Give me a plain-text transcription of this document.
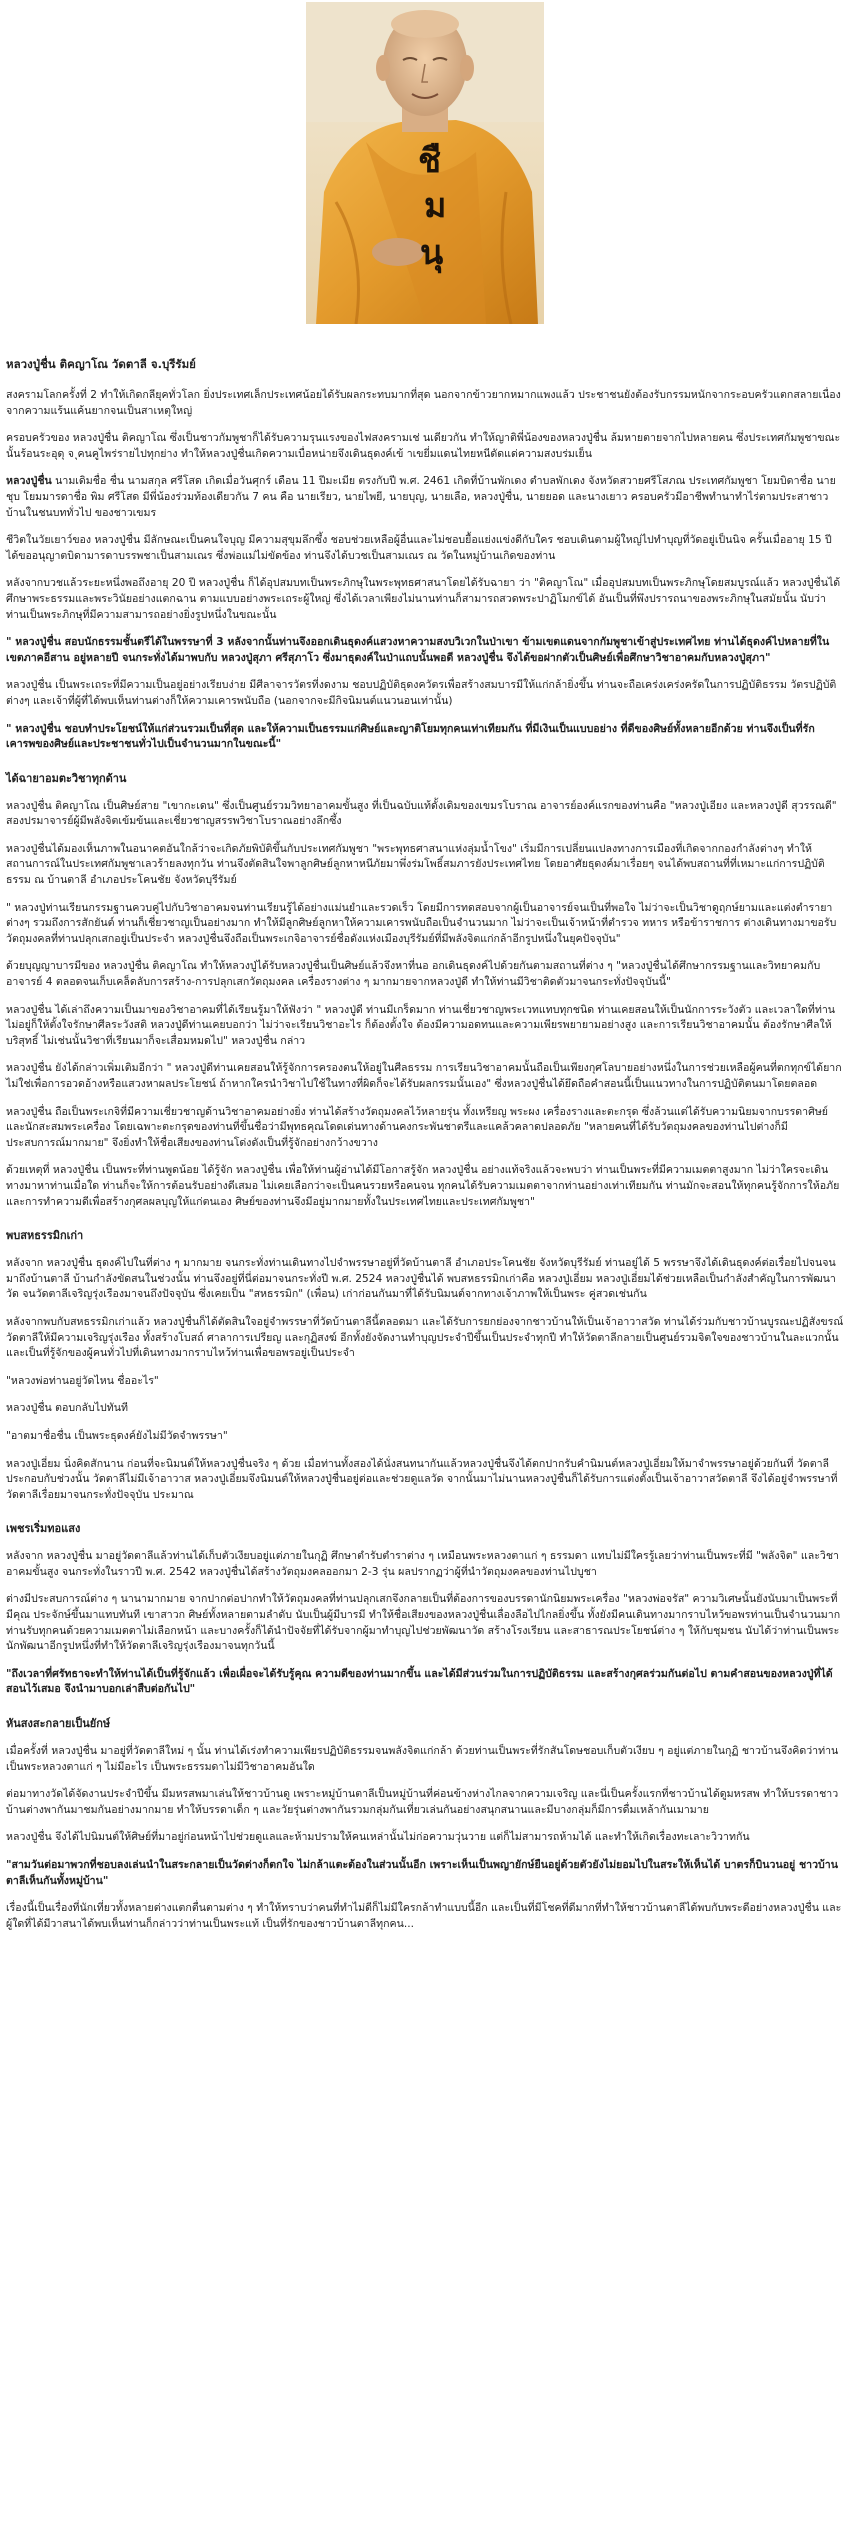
ชื
ม
นุ
หลวงปู่ชื่น ติคญาโณ วัดตาลี จ.บุรีรัมย์

สงครามโลกครั้งที่ 2 ทำให้เกิดกลียุคทั่วโลก ยิ่งประเทศเล็กประเทศน้อยได้รับผลกระทบมากที่สุด นอกจากข้าวยากหมากแพงแล้ว ประชาชนยังต้องรับกรรมหนักจากระอบครัวแตกสลายเนื่อง จากความแร้นแค้นยากจนเป็นสาเหตุใหญ่

ครอบครัวของ หลวงปู่ชื่น ติคญาโณ ซึ่งเป็นชาวกัมพูชาก็ได้รับความรุนแรงของไฟสงครามเช่ นเดียวกัน ทำให้ญาติพี่น้องของหลวงปู่ชื่น ล้มหายตายจากไปหลายคน ซึ่งประเทศกัมพูชาขณะนั้นร้อนระอุดุ จ ุคนคูไพร่รายไปทุกย่าง ทำให้หลวงปู่ชื่นเกิดความเบื่อหน่ายจึงเดินธุดงค์เข้ าเขยี่มแดนไทยหนีดัดแด่ความสงบร่มเย็น

หลวงปู่ชื่น นามเดิมชื่อ ชื่น นามสกุล ศรีโสด เกิดเมื่อวันศุกร์ เดือน 11 ปีมะเมีย ตรงกับปี พ.ศ. 2461 เกิดที่บ้านพักเดง ตำบลพักเดง จังหวัดสวายศรีโสภณ ประเทศกัมพูชา โยมบิดาชื่อ นายชุบ โยมมารดาชื่อ พิม ศรีโสด มีพี่น้องร่วมท้องเดียวกัน 7 คน คือ นายเรียว, นายไพยี, นายบุญ, นายเลือ, หลวงปู่ชื่น, นายยอด และนางเยาว ครอบครัวมีอาชีพทำนาทำไร่ตามประสาชาวบ้านในชนบททั่วไป ของชาวเขมร

ชีวิตในวัยเยาว์ของ หลวงปู่ชื่น มีลักษณะเป็นคนใจบุญ มีความสุขุมลึกซึ้ง ชอบช่วยเหลือผู้อื่นและไม่ชอบยื้อแย่งแข่งดีกับใคร ชอบเดินตามผู้ใหญ่ไปทำบุญที่วัดอยู่เป็นนิจ ครั้นเมื่ออายุ 15 ปี ได้ขออนุญาตบิดามารดาบรรพชาเป็นสามเณร ซึ่งพ่อแม่ไม่ขัดข้อง ท่านจึงได้บวชเป็นสามเณร ณ วัดในหมู่บ้านเกิดของท่าน

หลังจากบวชแล้วระยะหนึ่งพอถึงอายุ 20 ปี หลวงปู่ชื่น ก็ได้อุปสมบทเป็นพระภิกษุในพระพุทธศาสนาโดยได้รับฉายา ว่า "ติคญาโณ" เมื่ออุปสมบทเป็นพระภิกษุโดยสมบูรณ์แล้ว หลวงปู่ชื่นได้ศึกษาพระธรรมและพระวินัยอย่างแตกฉาน ตามแบบอย่างพระเถระผู้ใหญ่ ซึ่งได้เวลาเพียงไม่นานท่านก็สามารถสวดพระปาฏิโมกข์ได้ อันเป็นที่พึงปรารถนาของพระภิกษุในสมัยนั้น นับว่าท่านเป็นพระภิกษุที่มีความสามารถอย่างยิ่งรูปหนึ่งในขณะนั้น

" หลวงปู่ชื่น สอบนักธรรมชั้นตรีได้ในพรรษาที่ 3 หลังจากนั้นท่านจึงออกเดินธุดงค์แสวงหาความสงบวิเวกในป่าเขา ข้ามเขตแดนจากกัมพูชาเข้าสู่ประเทศไทย ท่านได้ธุดงค์ไปหลายที่ในเขตภาคอีสาน อยู่หลายปี จนกระทั่งได้มาพบกับ หลวงปู่สุภา ศรีสุภาโว ซึ่งมาธุดงค์ในป่าแถบนั้นพอดี หลวงปู่ชื่น จึงได้ขอฝากตัวเป็นศิษย์เพื่อศึกษาวิชาอาคมกับหลวงปู่สุภา"

หลวงปู่ชื่น เป็นพระเถระที่มีความเป็นอยู่อย่างเรียบง่าย มีศีลาจารวัตรที่งดงาม ชอบปฏิบัติธุดงควัตรเพื่อสร้างสมบารมีให้แก่กล้ายิ่งขึ้น ท่านจะถือเคร่งเคร่งครัดในการปฏิบัติธรรม วัตรปฏิบัติต่างๆ และเจ้าที่ผู้ที่ได้พบเห็นท่านต่างก็ให้ความเคารพนับถือ (นอกจากจะมีกิจนิมนต์แนวนอนเท่านั้น)

" หลวงปู่ชื่น ชอบทำประโยชน์ให้แก่ส่วนรวมเป็นที่สุด และให้ความเป็นธรรมแก่ศิษย์และญาติโยมทุกคนเท่าเทียมกัน ที่มีเงินเป็นแบบอย่าง ที่ดีของศิษย์ทั้งหลายอีกด้วย ท่านจึงเป็นที่รักเคารพของศิษย์และประชาชนทั่วไปเป็นจำนวนมากในขณะนี้"
ได้ฉายาอมตะวิชาทุกด้าน

หลวงปู่ชื่น ติคญาโณ เป็นศิษย์สาย "เขากะเดน" ซึ่งเป็นศูนย์รวมวิทยาอาคมขั้นสูง ที่เป็นฉบับแท้ดั้งเดิมของเขมรโบราณ อาจารย์องค์แรกของท่านคือ "หลวงปู่เอียง และหลวงปู่ดี สุวรรณดี" สองปรมาจารย์ผู้มีพลังจิตเข้มข้นและเชี่ยวชาญสรรพวิชาโบราณอย่างลึกซึ้ง

หลวงปู่ชื่นได้มองเห็นภาพในอนาคตอันใกล้ว่าจะเกิดภัยพิบัติขึ้นกับประเทศกัมพูชา "พระพุทธศาสนาแห่งลุ่มน้ำโขง" เริ่มมีการเปลี่ยนแปลงทางการเมืองที่เกิดจากกองกำลังต่างๆ ทำให้สถานการณ์ในประเทศกัมพูชาเลวร้ายลงทุกวัน ท่านจึงตัดสินใจพาลูกศิษย์ลูกหาหนีภัยมาพึ่งร่มโพธิ์สมภารยังประเทศไทย โดยอาศัยธุดงค์มาเรื่อยๆ จนได้พบสถานที่ที่เหมาะแก่การปฏิบัติธรรม ณ บ้านตาลี อำเภอประโคนชัย จังหวัดบุรีรัมย์

" หลวงปู่ท่านเรียนกรรมฐานควบคู่ไปกับวิชาอาคมจนท่านเรียนรู้ได้อย่างแม่นยำและรวดเร็ว โดยมีการทดสอบจากผู้เป็นอาจารย์จนเป็นที่พอใจ ไม่ว่าจะเป็นวิชาดูฤกษ์ยามและแต่งตำรายาต่างๆ รวมถึงการสักยันต์ ท่านก็เชี่ยวชาญเป็นอย่างมาก ทำให้มีลูกศิษย์ลูกหาให้ความเคารพนับถือเป็นจำนวนมาก ไม่ว่าจะเป็นเจ้าหน้าที่ตำรวจ ทหาร หรือข้าราชการ ต่างเดินทางมาขอรับวัตถุมงคลที่ท่านปลุกเสกอยู่เป็นประจำ หลวงปู่ชื่นจึงถือเป็นพระเกจิอาจารย์ชื่อดังแห่งเมืองบุรีรัมย์ที่มีพลังจิตแก่กล้าอีกรูปหนึ่งในยุคปัจจุบัน"

ด้วยบุญญาบารมีของ หลวงปู่ชื่น ติคญาโณ ทำให้หลวงปู่ได้รับหลวงปู่ชื่นเป็นศิษย์แล้วจึงหาที่นอ อกเดินธุดงค์ไปด้วยกันตามสถานที่ต่าง ๆ "หลวงปู่ชื่นได้ศึกษากรรมฐานและวิทยาคมกับอาจารย์ 4 ตลอดจนเก็บเคล็ดลับการสร้าง-การปลุกเสกวัตถุมงคล เครื่องรางต่าง ๆ มากมายจากหลวงปู่ดี ทำให้ท่านมีวิชาติดตัวมาจนกระทั่งปัจจุบันนี้"

หลวงปู่ชื่น ได้เล่าถึงความเป็นมาของวิชาอาคมที่ได้เรียนรู้มาให้ฟังว่า " หลวงปู่ดี ท่านมีเกร็ดมาก ท่านเชี่ยวชาญพระเวทแทบทุกชนิด ท่านเคยสอนให้เป็นนักการระวังตัว และเวลาใดที่ท่านไม่อยู่ก็ให้ตั้งใจรักษาศีลระวังสติ หลวงปู่ดีท่านเคยบอกว่า ไม่ว่าจะเรียนวิชาอะไร ก็ต้องตั้งใจ ต้องมีความอดทนและความเพียรพยายามอย่างสูง และการเรียนวิชาอาคมนั้น ต้องรักษาศีลให้บริสุทธิ์ ไม่เช่นนั้นวิชาที่เรียนมาก็จะเสื่อมหมดไป" หลวงปู่ชื่น กล่าว

หลวงปู่ชื่น ยังได้กล่าวเพิ่มเติมอีกว่า " หลวงปู่ดีท่านเคยสอนให้รู้จักการครองตนให้อยู่ในศีลธรรม การเรียนวิชาอาคมนั้นถือเป็นเพียงกุศโลบายอย่างหนึ่งในการช่วยเหลือผู้คนที่ตกทุกข์ได้ยาก ไม่ใช่เพื่อการอวดอ้างหรือแสวงหาผลประโยชน์ ถ้าหากใครนำวิชาไปใช้ในทางที่ผิดก็จะได้รับผลกรรมนั้นเอง" ซึ่งหลวงปู่ชื่นได้ยึดถือคำสอนนี้เป็นแนวทางในการปฏิบัติตนมาโดยตลอด

หลวงปู่ชื่น ถือเป็นพระเกจิที่มีความเชี่ยวชาญด้านวิชาอาคมอย่างยิ่ง ท่านได้สร้างวัตถุมงคลไว้หลายรุ่น ทั้งเหรียญ พระผง เครื่องรางและตะกรุด ซึ่งล้วนแต่ได้รับความนิยมจากบรรดาศิษย์และนักสะสมพระเครื่อง โดยเฉพาะตะกรุดของท่านที่ขึ้นชื่อว่ามีพุทธคุณโดดเด่นทางด้านคงกระพันชาตรีและแคล้วคลาดปลอดภัย "หลายคนที่ได้รับวัตถุมงคลของท่านไปต่างก็มีประสบการณ์มากมาย" จึงยิ่งทำให้ชื่อเสียงของท่านโด่งดังเป็นที่รู้จักอย่างกว้างขวาง

ด้วยเหตุที่ หลวงปู่ชื่น เป็นพระที่ท่านพูดน้อย ได้รู้จัก หลวงปู่ชื่น เพื่อให้ท่านผู้อ่านได้มีโอกาสรู้จัก หลวงปู่ชื่น อย่างแท้จริงแล้วจะพบว่า ท่านเป็นพระที่มีความเมตตาสูงมาก ไม่ว่าใครจะเดินทางมาหาท่านเมื่อใด ท่านก็จะให้การต้อนรับอย่างดีเสมอ ไม่เคยเลือกว่าจะเป็นคนรวยหรือคนจน ทุกคนได้รับความเมตตาจากท่านอย่างเท่าเทียมกัน ท่านมักจะสอนให้ทุกคนรู้จักการให้อภัย และการทำความดีเพื่อสร้างกุศลผลบุญให้แก่ตนเอง ศิษย์ของท่านจึงมีอยู่มากมายทั้งในประเทศไทยและประเทศกัมพูชา"

พบสหธรรมิกเก่า

หลังจาก หลวงปู่ชื่น ธุดงค์ไปในที่ต่าง ๆ มากมาย จนกระทั่งท่านเดินทางไปจำพรรษาอยู่ที่วัดบ้านตาลี อำเภอประโคนชัย จังหวัดบุรีรัมย์ ท่านอยู่ได้ 5 พรรษาจึงได้เดินธุดงค์ต่อเรื่อยไปจนจนมาถึงบ้านตาลี บ้านกำลังขัดสนในช่วงนั้น ท่านจึงอยู่ที่นี่ต่อมาจนกระทั่งปี พ.ศ. 2524 หลวงปู่ชื่นได้ พบสหธรรมิกเก่าคือ หลวงปู่เอี่ยม หลวงปู่เอี่ยมได้ช่วยเหลือเป็นกำลังสำคัญในการพัฒนาวัด จนวัดตาลีเจริญรุ่งเรืองมาจนถึงปัจจุบัน ซึ่งเคยเป็น "สหธรรมิก" (เพื่อน) เก่าก่อนกันมาที่ได้รับนิมนต์จากทางเจ้าภาพให้เป็นพระ คู่สวดเช่นกัน

หลังจากพบกับสหธรรมิกเก่าแล้ว หลวงปู่ชื่นก็ได้ตัดสินใจอยู่จำพรรษาที่วัดบ้านตาลีนี้ตลอดมา และได้รับการยกย่องจากชาวบ้านให้เป็นเจ้าอาวาสวัด ท่านได้ร่วมกับชาวบ้านบูรณะปฏิสังขรณ์วัดตาลีให้มีความเจริญรุ่งเรือง ทั้งสร้างโบสถ์ ศาลาการเปรียญ และกุฏิสงฆ์ อีกทั้งยังจัดงานทำบุญประจำปีขึ้นเป็นประจำทุกปี ทำให้วัดตาลีกลายเป็นศูนย์รวมจิตใจของชาวบ้านในละแวกนั้น และเป็นที่รู้จักของผู้คนทั่วไปที่เดินทางมากราบไหว้ท่านเพื่อขอพรอยู่เป็นประจำ

"หลวงพ่อท่านอยู่วัดไหน ชื่ออะไร"

หลวงปู่ชื่น ตอบกลับไปทันที

"อาตมาชื่อชื่น เป็นพระธุดงค์ยังไม่มีวัดจำพรรษา"

หลวงปู่เอี่ยม นิ่งคิดสักนาน ก่อนที่จะนิมนต์ให้หลวงปู่ชื่นจริง ๆ ด้วย เมื่อท่านทั้งสองได้นั่งสนทนากันแล้วหลวงปู่ชื่นจึงได้ตกปากรับคำนิมนต์หลวงปู่เอี่ยมให้มาจำพรรษาอยู่ด้วยกันที่ วัดตาลี ประกอบกับช่วงนั้น วัดตาลีไม่มีเจ้าอาวาส หลวงปู่เอี่ยมจึงนิมนต์ให้หลวงปู่ชื่นอยู่ต่อและช่วยดูแลวัด จากนั้นมาไม่นานหลวงปู่ชื่นก็ได้รับการแต่งตั้งเป็นเจ้าอาวาสวัดตาลี จึงได้อยู่จำพรรษาที่วัดตาลีเรื่อยมาจนกระทั่งปัจจุบัน ประมาณ

เพชรเริ่มทอแสง

หลังจาก หลวงปู่ชื่น มาอยู่วัดตาลีแล้วท่านได้เก็บตัวเงียบอยู่แต่ภายในกุฏิ ศึกษาตำรับตำราต่าง ๆ เหมือนพระหลวงตาแก่ ๆ ธรรมดา แทบไม่มีใครรู้เลยว่าท่านเป็นพระที่มี "พลังจิต" และวิชาอาคมขั้นสูง จนกระทั่งในราวปี พ.ศ. 2542 หลวงปู่ชื่นได้สร้างวัตถุมงคลออกมา 2-3 รุ่น ผลปรากฏว่าผู้ที่นำวัตถุมงคลของท่านไปบูชา

ต่างมีประสบการณ์ต่าง ๆ นานามากมาย จากปากต่อปากทำให้วัตถุมงคลที่ท่านปลุกเสกจึงกลายเป็นที่ต้องการของบรรดานักนิยมพระเครื่อง "หลวงพ่อจรัส" ความวิเศษนั้นยังนับมาเป็นพระที่มีคุณ ประจักษ์ขึ้นมาแทบทันที เขาสาวก ศิษย์ทั้งหลายตามลำดับ นับเป็นผู้มีบารมี ทำให้ชื่อเสียงของหลวงปู่ชื่นเลื่องลือไปไกลยิ่งขึ้น ทั้งยังมีคนเดินทางมากราบไหว้ขอพรท่านเป็นจำนวนมาก ท่านรับทุกคนด้วยความเมตตาไม่เลือกหน้า และบางครั้งก็ได้นำปัจจัยที่ได้รับจากผู้มาทำบุญไปช่วยพัฒนาวัด สร้างโรงเรียน และสาธารณประโยชน์ต่าง ๆ ให้กับชุมชน นับได้ว่าท่านเป็นพระนักพัฒนาอีกรูปหนึ่งที่ทำให้วัดตาลีเจริญรุ่งเรืองมาจนทุกวันนี้

"ถึงเวลาที่ศรัทธาจะทำให้ท่านได้เป็นที่รู้จักแล้ว เพื่อเผื่อจะได้รับรู้คุณ ความดีของท่านมากขึ้น และได้มีส่วนร่วมในการปฏิบัติธรรม และสร้างกุศลร่วมกันต่อไป ตามคำสอนของหลวงปู่ที่ได้สอนไว้เสมอ จึงนำมาบอกเล่าสืบต่อกันไป"
หันสงสะกลายเป็นยักษ์

เมื่อครั้งที่ หลวงปู่ชื่น มาอยู่ที่วัดตาลีใหม่ ๆ นั้น ท่านได้เร่งทำความเพียรปฏิบัติธรรมจนพลังจิตแก่กล้า ด้วยท่านเป็นพระที่รักสันโดษชอบเก็บตัวเงียบ ๆ อยู่แต่ภายในกุฏิ ชาวบ้านจึงคิดว่าท่านเป็นพระหลวงตาแก่ ๆ ไม่มีอะไร เป็นพระธรรมดาไม่มีวิชาอาคมอันใด

ต่อมาทางวัดได้จัดงานประจำปีขึ้น มีมหรสพมาเล่นให้ชาวบ้านดู เพราะหมู่บ้านตาลีเป็นหมู่บ้านที่ค่อนข้างห่างไกลจากความเจริญ และนี่เป็นครั้งแรกที่ชาวบ้านได้ดูมหรสพ ทำให้บรรดาชาวบ้านต่างพากันมาชมกันอย่างมากมาย ทำให้บรรดาเด็ก ๆ และวัยรุ่นต่างพากันรวมกลุ่มกันเที่ยวเล่นกันอย่างสนุกสนานและมีบางกลุ่มก็มีการดื่มเหล้ากันเมามาย

หลวงปู่ชื่น จึงได้ไปนิมนต์ให้ศิษย์ที่มาอยู่ก่อนหน้าไปช่วยดูแลและห้ามปรามให้คนเหล่านั้นไม่ก่อความวุ่นวาย แต่ก็ไม่สามารถห้ามได้ และทำให้เกิดเรื่องทะเลาะวิวาทกัน

"สามวันต่อมาพวกที่ชอบลงเล่นนำในสระกลายเป็นวัดต่างก็ตกใจ ไม่กล้าแตะต้องในส่วนนั้นอีก เพราะเห็นเป็นพญายักษ์ยืนอยู่ด้วยตัวยังไม่ยอมไปในสระให้เห็นได้ บาตรก็บินวนอยู่ ชาวบ้านตาลีเห็นกันทั้งหมู่บ้าน"

เรื่องนี้เป็นเรื่องที่นักเที่ยวทั้งหลายต่างแตกตื่นตามต่าง ๆ ทำให้ทราบว่าคนที่ทำไม่ดีก็ไม่มีใครกล้าทำแบบนี้อีก และเป็นที่มีโชคที่ดีมากที่ทำให้ชาวบ้านตาลีได้พบกับพระดีอย่างหลวงปู่ชื่น และผู้ใดที่ได้มีวาสนาได้พบเห็นท่านก็กล่าวว่าท่านเป็นพระแท้ เป็นที่รักของชาวบ้านตาลีทุกคน...
